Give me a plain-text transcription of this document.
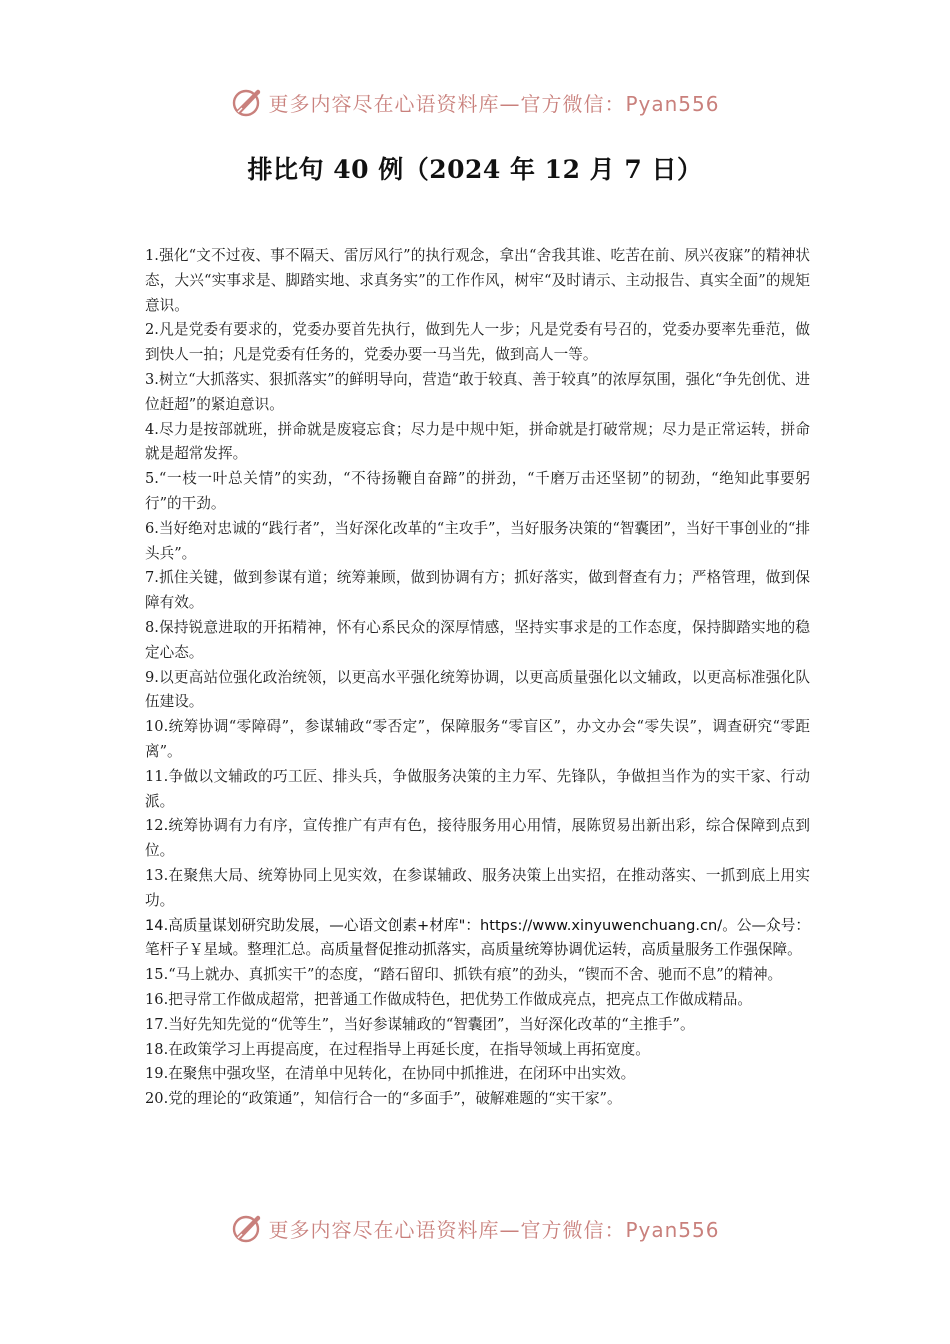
更多内容尽在心语资料库—官方微信：Pyan556
排比句 40 例（2024 年 12 月 7 日）

1.强化“文不过夜、事不隔天、雷厉风行”的执行观念，拿出“舍我其谁、吃苦在前、夙兴夜寐”的精神状态，大兴“实事求是、脚踏实地、求真务实”的工作作风，树牢“及时请示、主动报告、真实全面”的规矩意识。

2.凡是党委有要求的，党委办要首先执行，做到先人一步；凡是党委有号召的，党委办要率先垂范，做到快人一拍；凡是党委有任务的，党委办要一马当先，做到高人一等。

3.树立“大抓落实、狠抓落实”的鲜明导向，营造“敢于较真、善于较真”的浓厚氛围，强化“争先创优、进位赶超”的紧迫意识。

4.尽力是按部就班，拼命就是废寝忘食；尽力是中规中矩，拼命就是打破常规；尽力是正常运转，拼命就是超常发挥。

5.“一枝一叶总关情”的实劲，“不待扬鞭自奋蹄”的拼劲，“千磨万击还坚韧”的韧劲，“绝知此事要躬行”的干劲。

6.当好绝对忠诚的“践行者”，当好深化改革的“主攻手”，当好服务决策的“智囊团”，当好干事创业的“排头兵”。

7.抓住关键，做到参谋有道；统筹兼顾，做到协调有方；抓好落实，做到督查有力；严格管理，做到保障有效。

8.保持锐意进取的开拓精神，怀有心系民众的深厚情感，坚持实事求是的工作态度，保持脚踏实地的稳定心态。

9.以更高站位强化政治统领，以更高水平强化统筹协调，以更高质量强化以文辅政，以更高标准强化队伍建设。

10.统筹协调“零障碍”，参谋辅政“零否定”，保障服务“零盲区”，办文办会“零失误”，调查研究“零距离”。

11.争做以文辅政的巧工匠、排头兵，争做服务决策的主力军、先锋队，争做担当作为的实干家、行动派。

12.统筹协调有力有序，宣传推广有声有色，接待服务用心用情，展陈贸易出新出彩，综合保障到点到位。

13.在聚焦大局、统筹协同上见实效，在参谋辅政、服务决策上出实招，在推动落实、一抓到底上用实功。

14.高质量谋划研究助发展，—心语文创素+材库"：https://www.xinyuwenchuang.cn/。公—众号：笔杆子￥星域。整理汇总。高质量督促推动抓落实，高质量统筹协调优运转，高质量服务工作强保障。

15.“马上就办、真抓实干”的态度，“踏石留印、抓铁有痕”的劲头，“锲而不舍、驰而不息”的精神。

16.把寻常工作做成超常，把普通工作做成特色，把优势工作做成亮点，把亮点工作做成精品。

17.当好先知先觉的“优等生”，当好参谋辅政的“智囊团”，当好深化改革的“主推手”。

18.在政策学习上再提高度，在过程指导上再延长度，在指导领域上再拓宽度。

19.在聚焦中强攻坚，在清单中见转化，在协同中抓推进，在闭环中出实效。

20.党的理论的“政策通”，知信行合一的“多面手”，破解难题的“实干家”。

更多内容尽在心语资料库—官方微信：Pyan556
